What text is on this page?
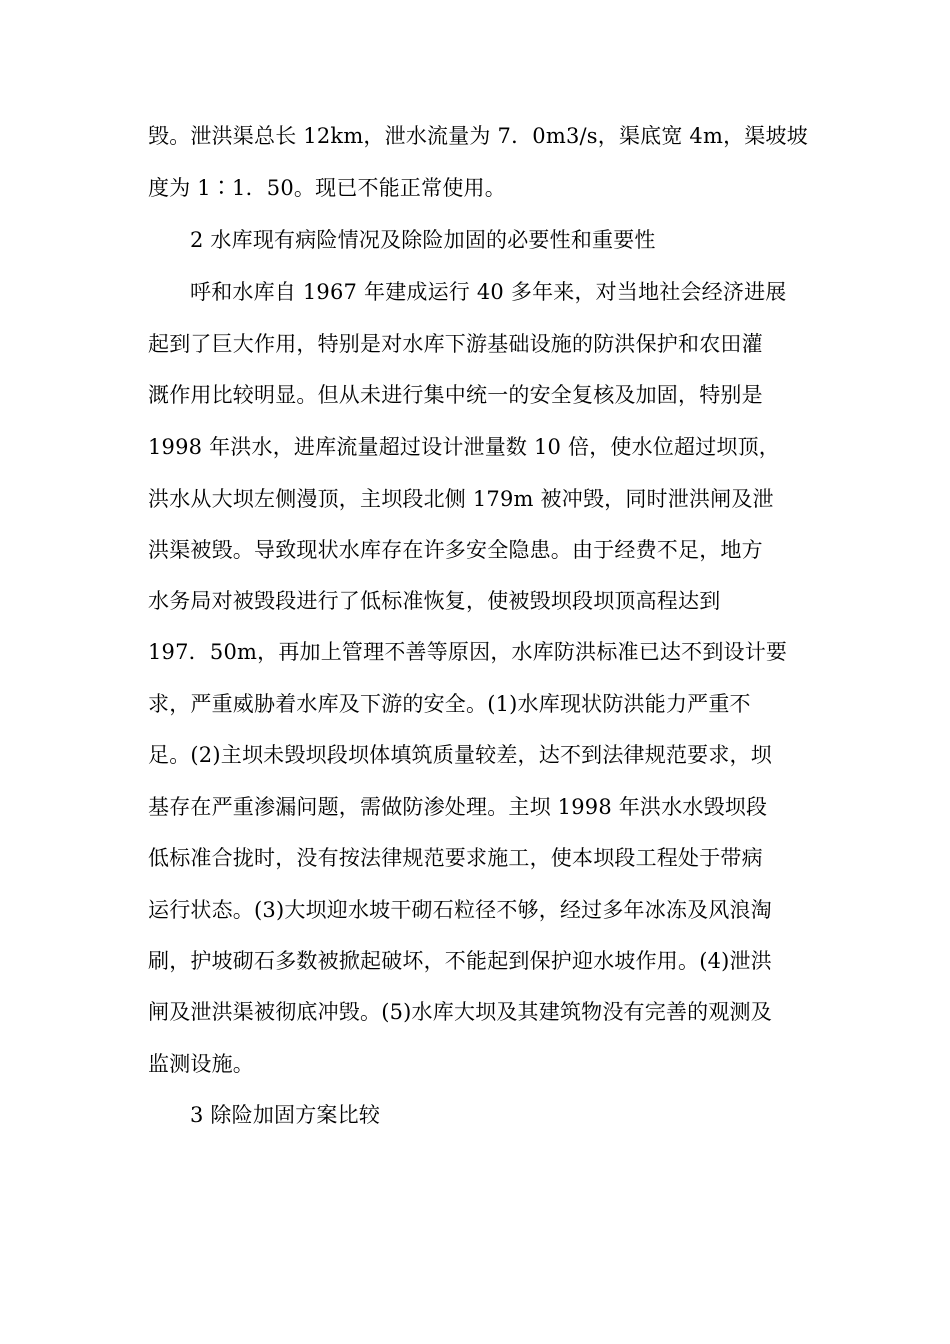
毁。泄洪渠总长 12km，泄水流量为 7．0m3/s，渠底宽 4m，渠坡坡
度为 1∶1．50。现已不能正常使用。
2 水库现有病险情况及除险加固的必要性和重要性
呼和水库自 1967 年建成运行 40 多年来，对当地社会经济进展
起到了巨大作用，特别是对水库下游基础设施的防洪保护和农田灌
溉作用比较明显。但从未进行集中统一的安全复核及加固，特别是
1998 年洪水，进库流量超过设计泄量数 10 倍，使水位超过坝顶，
洪水从大坝左侧漫顶，主坝段北侧 179m 被冲毁，同时泄洪闸及泄
洪渠被毁。导致现状水库存在许多安全隐患。由于经费不足，地方
水务局对被毁段进行了低标准恢复，使被毁坝段坝顶高程达到
197．50m，再加上管理不善等原因，水库防洪标准已达不到设计要
求，严重威胁着水库及下游的安全。(1)水库现状防洪能力严重不
足。(2)主坝未毁坝段坝体填筑质量较差，达不到法律规范要求，坝
基存在严重渗漏问题，需做防渗处理。主坝 1998 年洪水水毁坝段
低标准合拢时，没有按法律规范要求施工，使本坝段工程处于带病
运行状态。(3)大坝迎水坡干砌石粒径不够，经过多年冰冻及风浪淘
刷，护坡砌石多数被掀起破坏，不能起到保护迎水坡作用。(4)泄洪
闸及泄洪渠被彻底冲毁。(5)水库大坝及其建筑物没有完善的观测及
监测设施。
3 除险加固方案比较
